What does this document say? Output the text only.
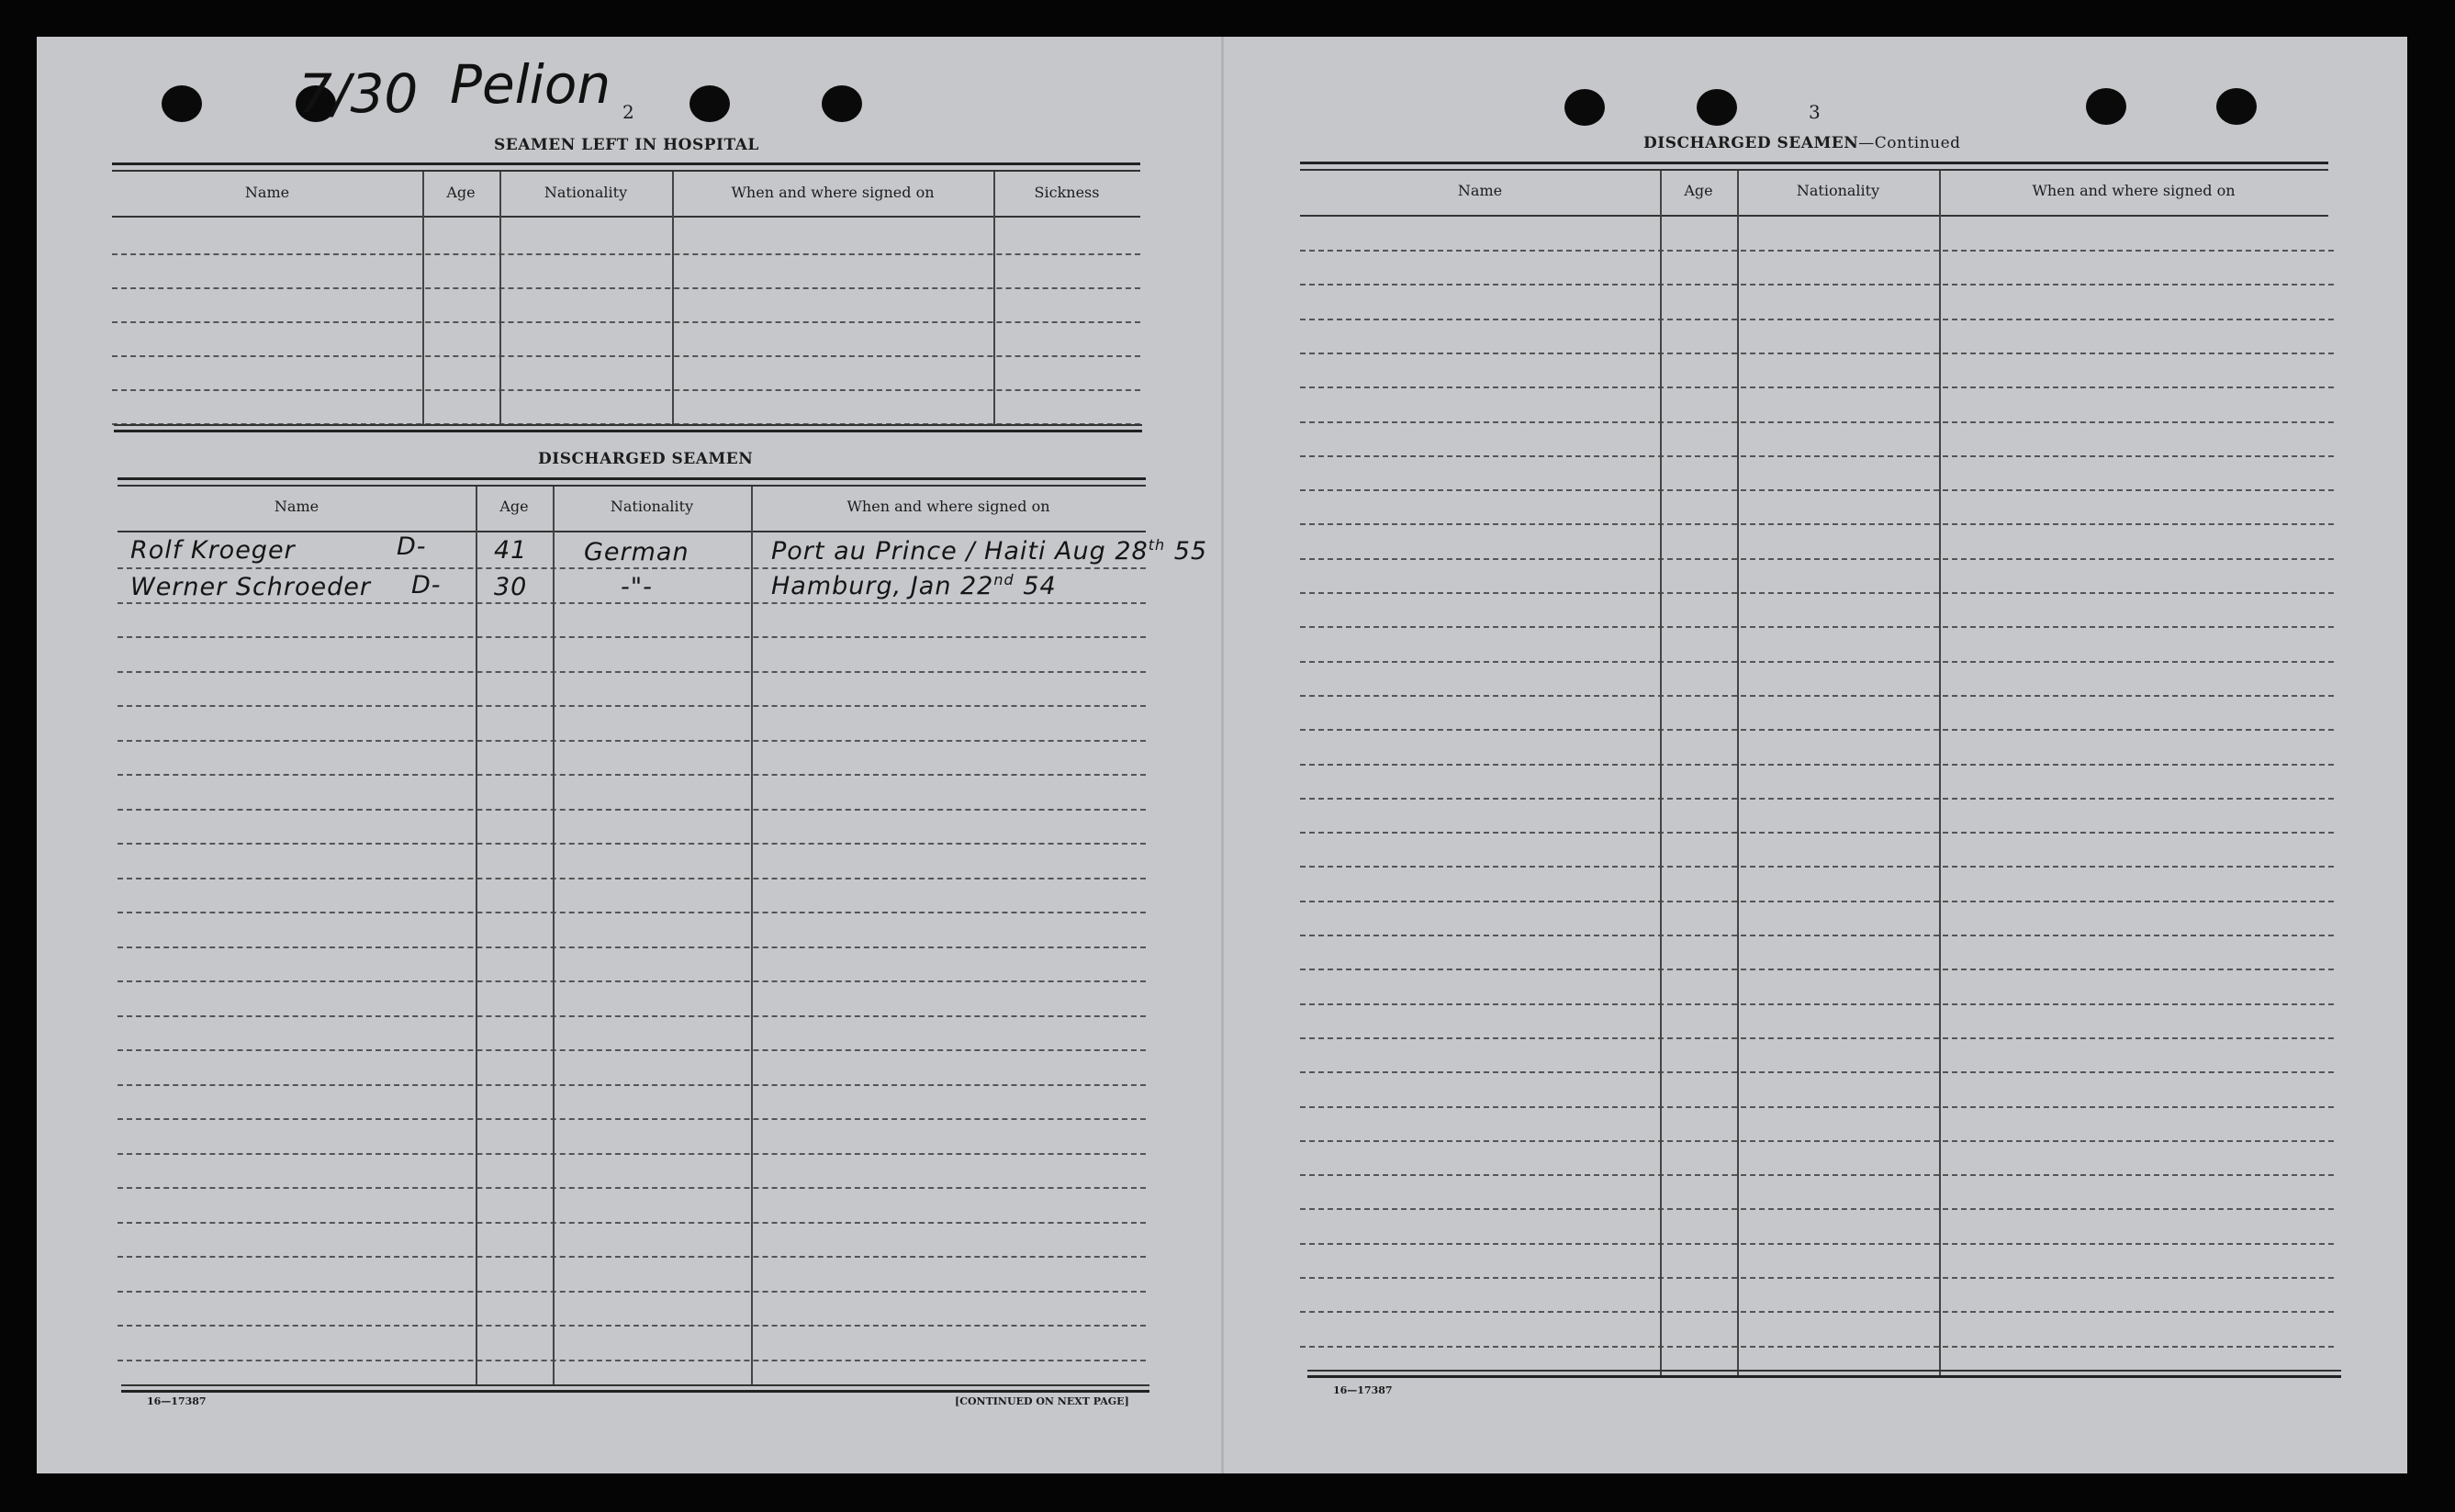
7/30 Pelion 2
SEAMEN LEFT IN HOSPITAL
Name	Age	Nationality	When and where signed on	Sickness
DISCHARGED SEAMEN
Name	Age	Nationality	When and where signed on
Rolf Kroeger	D-	41 German	Port au Prince / Haiti Aug 28th 55
Werner Schroeder D- 30	-"-	Hamburg, Jan 22nd 54
16—17387	[CONTINUED ON NEXT PAGE]
3
DISCHARGED SEAMEN—Continued
Name	Age	Nationality	When and where signed on
16—17387
